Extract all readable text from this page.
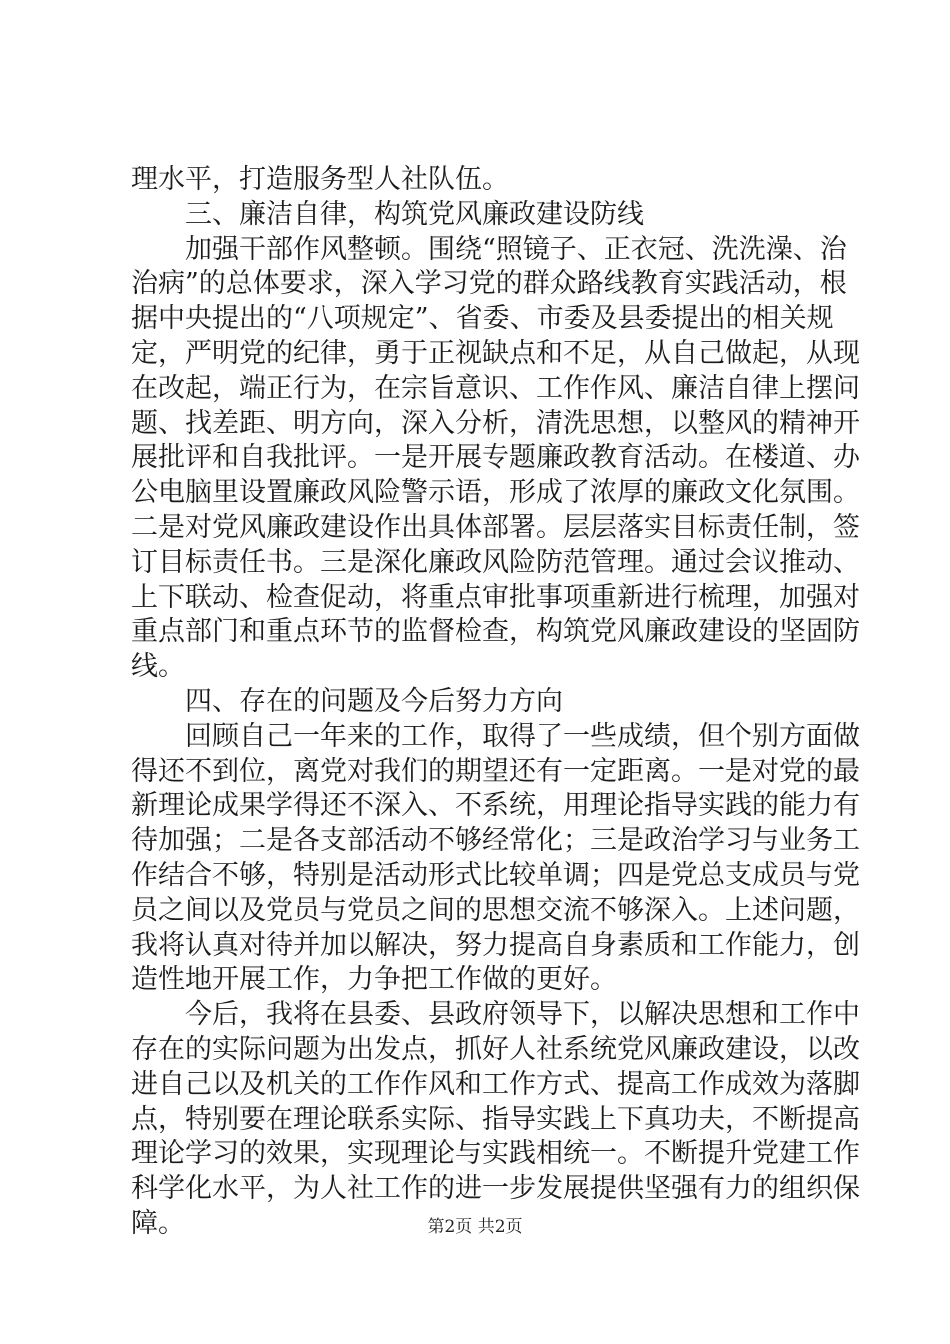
理水平，打造服务型人社队伍。
三、廉洁自律，构筑党风廉政建设防线
加强干部作风整顿。围绕“照镜子、正衣冠、洗洗澡、治
治病”的总体要求，深入学习党的群众路线教育实践活动，根
据中央提出的“八项规定”、省委、市委及县委提出的相关规
定，严明党的纪律，勇于正视缺点和不足，从自己做起，从现
在改起，端正行为，在宗旨意识、工作作风、廉洁自律上摆问
题、找差距、明方向，深入分析，清洗思想，以整风的精神开
展批评和自我批评。一是开展专题廉政教育活动。在楼道、办
公电脑里设置廉政风险警示语，形成了浓厚的廉政文化氛围。
二是对党风廉政建设作出具体部署。层层落实目标责任制，签
订目标责任书。三是深化廉政风险防范管理。通过会议推动、
上下联动、检查促动，将重点审批事项重新进行梳理，加强对
重点部门和重点环节的监督检查，构筑党风廉政建设的坚固防
线。
四、存在的问题及今后努力方向
回顾自己一年来的工作，取得了一些成绩，但个别方面做
得还不到位，离党对我们的期望还有一定距离。一是对党的最
新理论成果学得还不深入、不系统，用理论指导实践的能力有
待加强；二是各支部活动不够经常化；三是政治学习与业务工
作结合不够，特别是活动形式比较单调；四是党总支成员与党
员之间以及党员与党员之间的思想交流不够深入。上述问题，
我将认真对待并加以解决，努力提高自身素质和工作能力，创
造性地开展工作，力争把工作做的更好。
今后，我将在县委、县政府领导下，以解决思想和工作中
存在的实际问题为出发点，抓好人社系统党风廉政建设，以改
进自己以及机关的工作作风和工作方式、提高工作成效为落脚
点，特别要在理论联系实际、指导实践上下真功夫，不断提高
理论学习的效果，实现理论与实践相统一。不断提升党建工作
科学化水平，为人社工作的进一步发展提供坚强有力的组织保
障。	第2页 共2页
